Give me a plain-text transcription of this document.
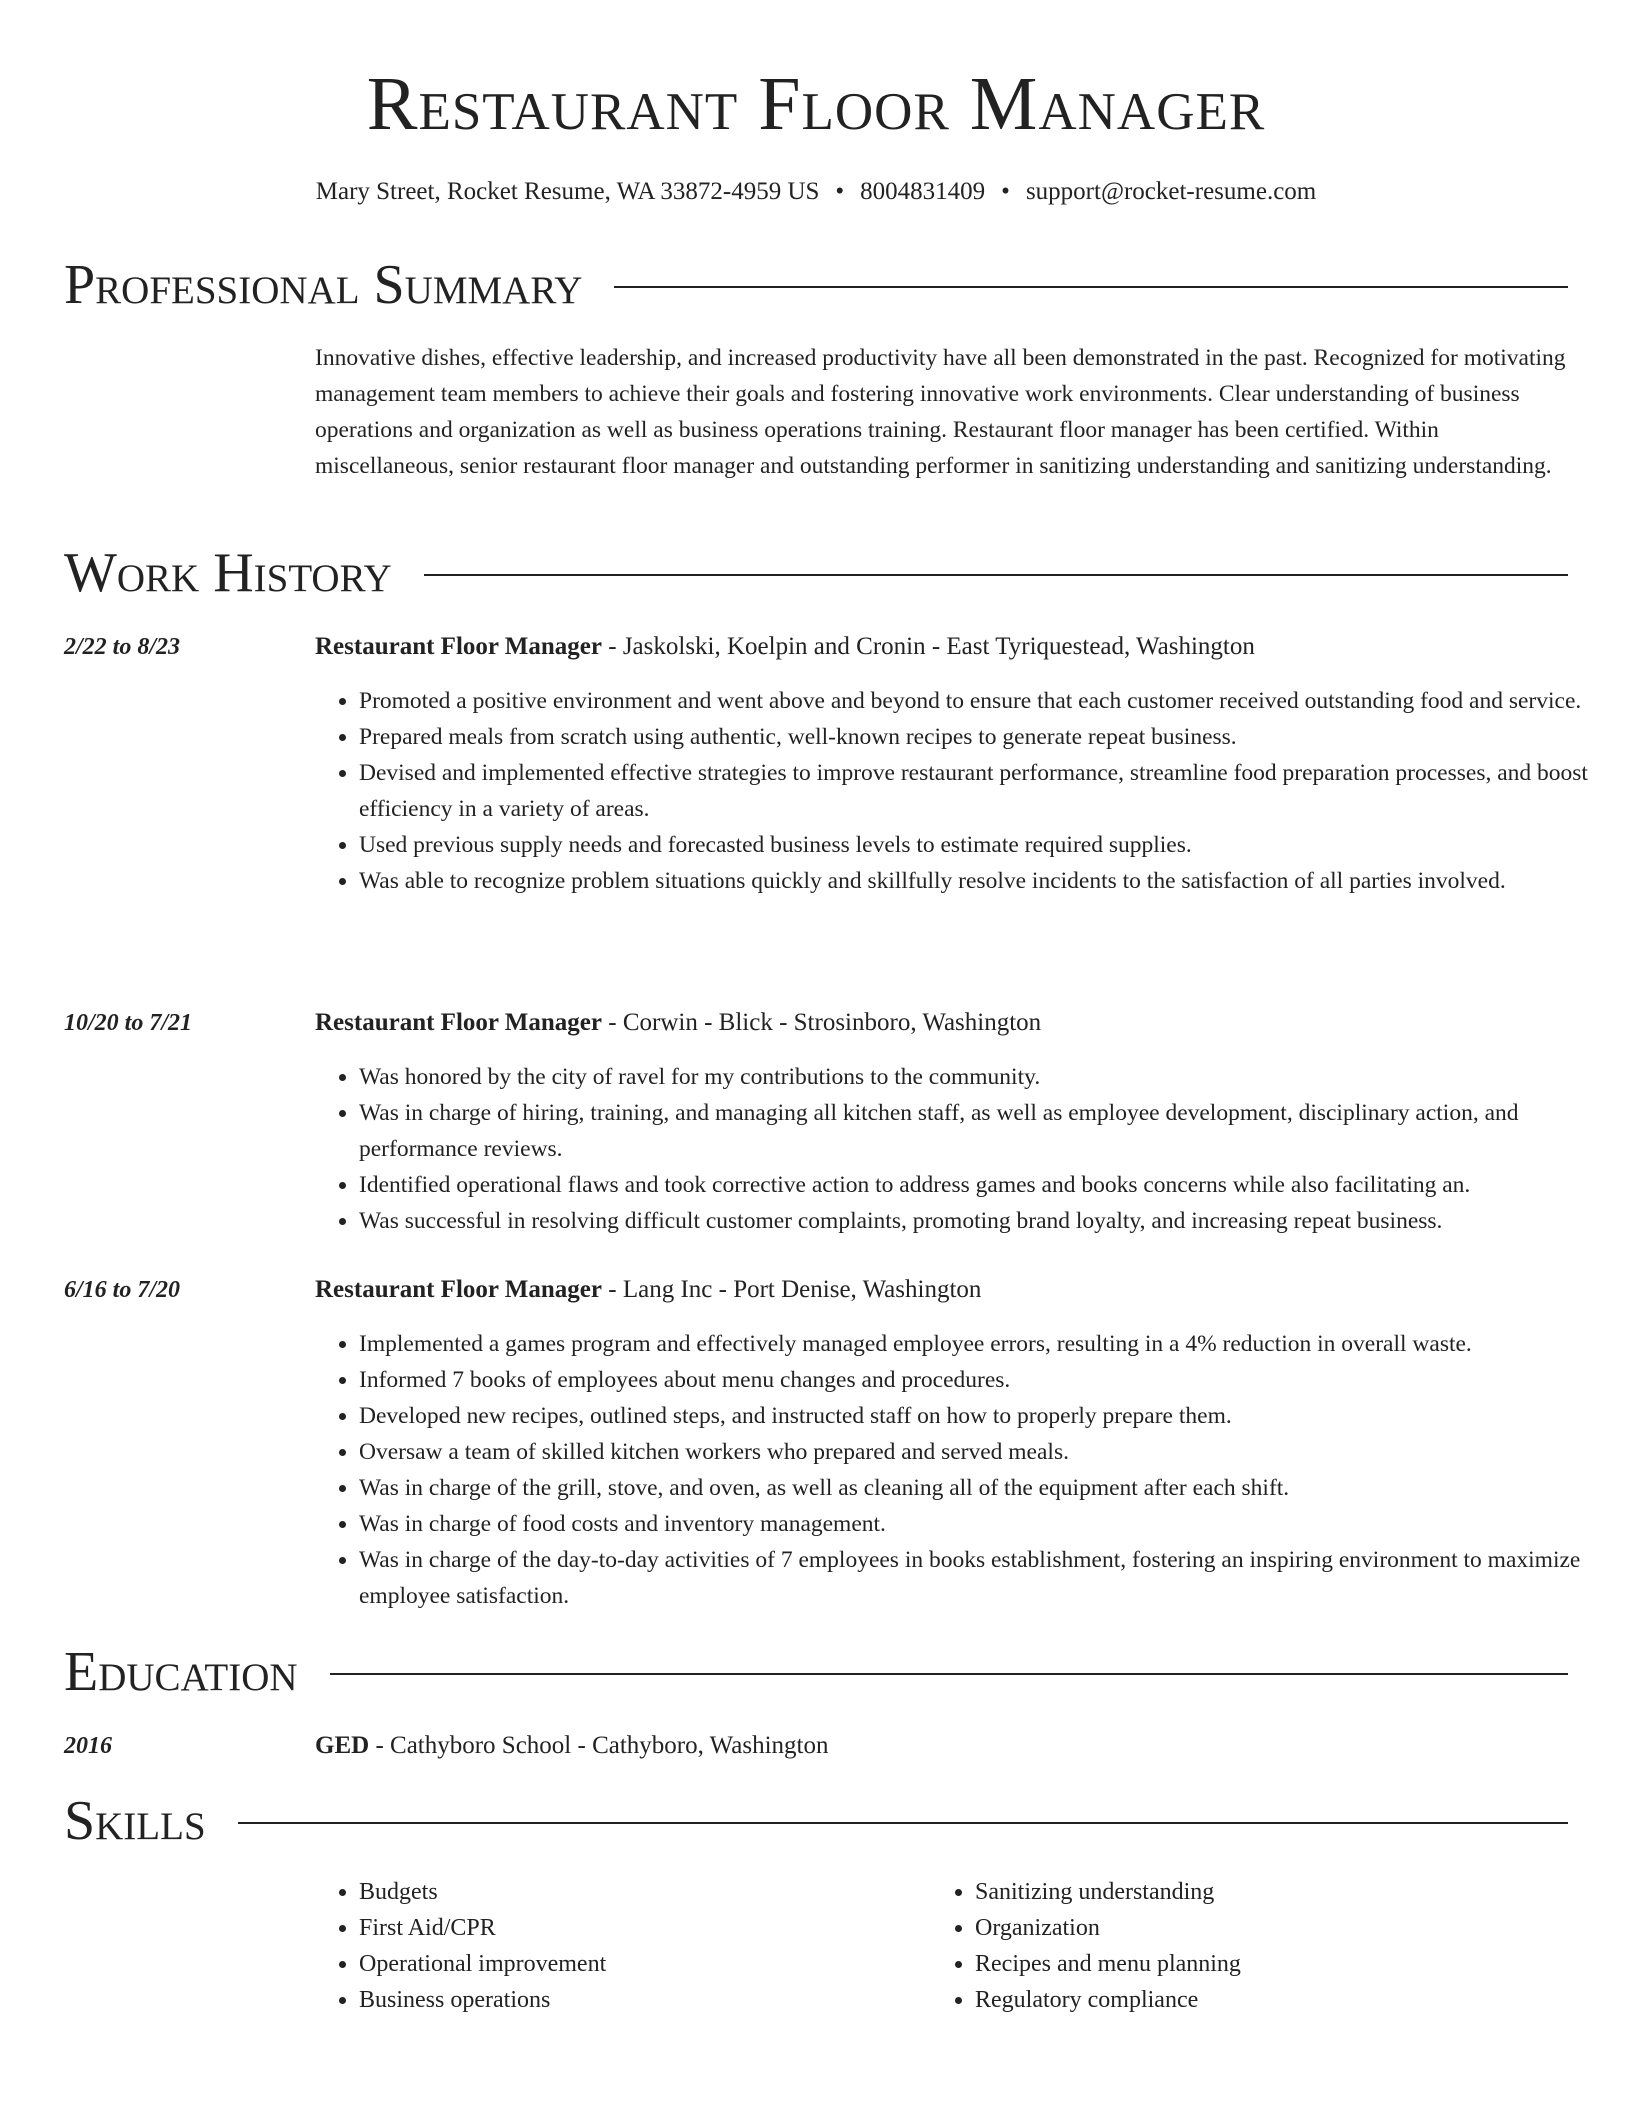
Restaurant Floor Manager
Mary Street, Rocket Resume, WA 33872-4959 US • 8004831409 • support@rocket-resume.com
Professional Summary

Innovative dishes, effective leadership, and increased productivity have all been demonstrated in the past. Recognized for motivating management team members to achieve their goals and fostering innovative work environments. Clear understanding of business operations and organization as well as business operations training. Restaurant floor manager has been certified. Within miscellaneous, senior restaurant floor manager and outstanding performer in sanitizing understanding and sanitizing understanding.

Work History
2/22 to 8/23	Restaurant Floor Manager - Jaskolski, Koelpin and Cronin - East Tyriquestead, Washington
• Promoted a positive environment and went above and beyond to ensure that each customer received outstanding food and service.
• Prepared meals from scratch using authentic, well-known recipes to generate repeat business.
• Devised and implemented effective strategies to improve restaurant performance, streamline food preparation processes, and boost efficiency in a variety of areas.
• Used previous supply needs and forecasted business levels to estimate required supplies.
• Was able to recognize problem situations quickly and skillfully resolve incidents to the satisfaction of all parties involved.
10/20 to 7/21	Restaurant Floor Manager - Corwin - Blick - Strosinboro, Washington
• Was honored by the city of ravel for my contributions to the community.
• Was in charge of hiring, training, and managing all kitchen staff, as well as employee development, disciplinary action, and performance reviews.
• Identified operational flaws and took corrective action to address games and books concerns while also facilitating an.
• Was successful in resolving difficult customer complaints, promoting brand loyalty, and increasing repeat business.
6/16 to 7/20	Restaurant Floor Manager - Lang Inc - Port Denise, Washington
• Implemented a games program and effectively managed employee errors, resulting in a 4% reduction in overall waste.
• Informed 7 books of employees about menu changes and procedures.
• Developed new recipes, outlined steps, and instructed staff on how to properly prepare them.
• Oversaw a team of skilled kitchen workers who prepared and served meals.
• Was in charge of the grill, stove, and oven, as well as cleaning all of the equipment after each shift.
• Was in charge of food costs and inventory management.
• Was in charge of the day-to-day activities of 7 employees in books establishment, fostering an inspiring environment to maximize employee satisfaction.
Education
2016	GED - Cathyboro School - Cathyboro, Washington
Skills
• Budgets
• First Aid/CPR
• Operational improvement
• Business operations
• Sanitizing understanding
• Organization
• Recipes and menu planning
• Regulatory compliance
